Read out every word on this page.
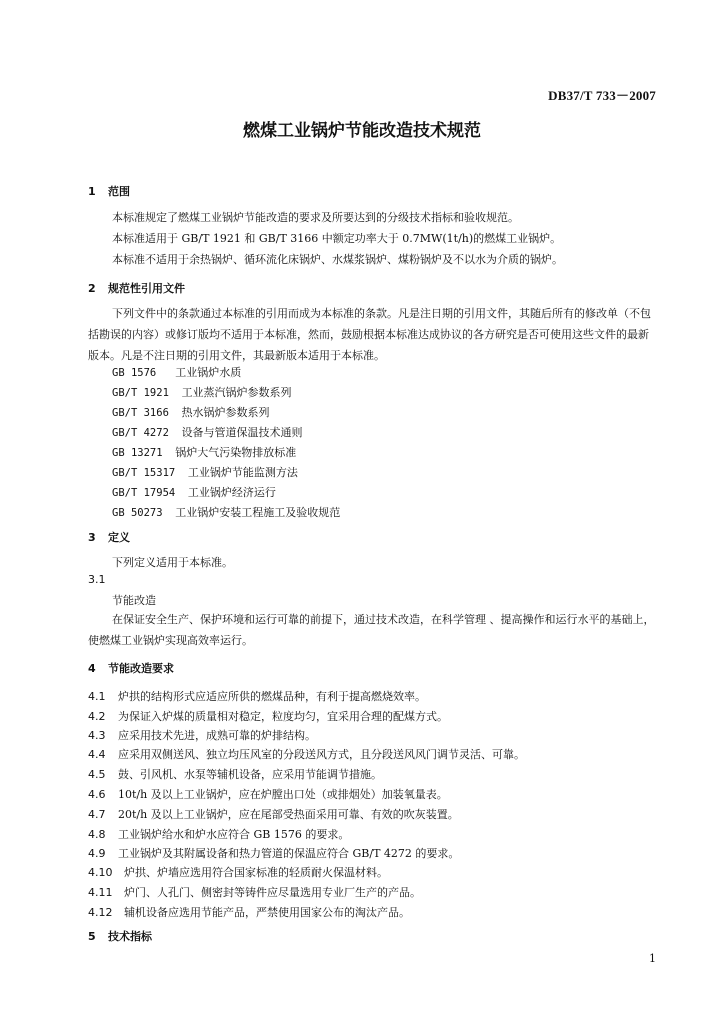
DB37/T 733－2007
燃煤工业锅炉节能改造技术规范
1 范围
本标准规定了燃煤工业锅炉节能改造的要求及所要达到的分级技术指标和验收规范。
本标准适用于 GB/T 1921 和 GB/T 3166 中额定功率大于 0.7MW(1t/h)的燃煤工业锅炉。
本标准不适用于余热锅炉、循环流化床锅炉、水煤浆锅炉、煤粉锅炉及不以水为介质的锅炉。
2 规范性引用文件
下列文件中的条款通过本标准的引用而成为本标准的条款。凡是注日期的引用文件，其随后所有的修改单（不包括勘误的内容）或修订版均不适用于本标准，然而，鼓励根据本标准达成协议的各方研究是否可使用这些文件的最新版本。凡是不注日期的引用文件，其最新版本适用于本标准。
GB 1576 工业锅炉水质
GB/T 1921 工业蒸汽锅炉参数系列
GB/T 3166 热水锅炉参数系列
GB/T 4272 设备与管道保温技术通则
GB 13271 锅炉大气污染物排放标准
GB/T 15317 工业锅炉节能监测方法
GB/T 17954 工业锅炉经济运行
GB 50273 工业锅炉安装工程施工及验收规范
3 定义
下列定义适用于本标准。
3.1
节能改造
在保证安全生产、保护环境和运行可靠的前提下，通过技术改造，在科学管理 、提高操作和运行水平的基础上，使燃煤工业锅炉实现高效率运行。
4 节能改造要求
4.1 炉拱的结构形式应适应所供的燃煤品种，有利于提高燃烧效率。
4.2 为保证入炉煤的质量相对稳定，粒度均匀，宜采用合理的配煤方式。
4.3 应采用技术先进，成熟可靠的炉排结构。
4.4 应采用双侧送风、独立均压风室的分段送风方式，且分段送风风门调节灵活、可靠。
4.5 鼓、引风机、水泵等辅机设备，应采用节能调节措施。
4.6 10t/h 及以上工业锅炉，应在炉膛出口处（或排烟处）加装氧量表。
4.7 20t/h 及以上工业锅炉，应在尾部受热面采用可靠、有效的吹灰装置。
4.8 工业锅炉给水和炉水应符合 GB 1576 的要求。
4.9 工业锅炉及其附属设备和热力管道的保温应符合 GB/T 4272 的要求。
4.10 炉拱、炉墙应选用符合国家标准的轻质耐火保温材料。
4.11 炉门、人孔门、侧密封等铸件应尽量选用专业厂生产的产品。
4.12 辅机设备应选用节能产品，严禁使用国家公布的淘汰产品。
5 技术指标
1
